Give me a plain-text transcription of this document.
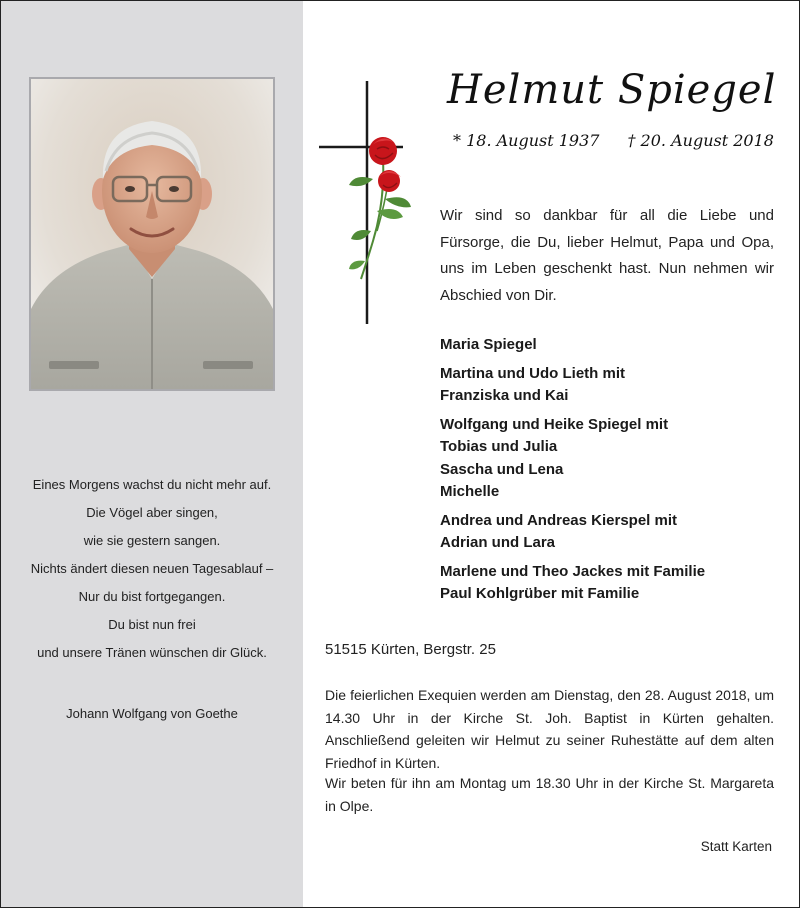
Eines Morgens wachst du nicht mehr auf.
Die Vögel aber singen,
wie sie gestern sangen.
Nichts ändert diesen neuen Tagesablauf –
Nur du bist fortgegangen.
Du bist nun frei
und unsere Tränen wünschen dir Glück.
Johann Wolfgang von Goethe
Helmut Spiegel
* 18. August 1937 † 20. August 2018
Wir sind so dankbar für all die Liebe und Fürsorge, die Du, lieber Helmut, Papa und Opa, uns im Leben geschenkt hast. Nun nehmen wir Abschied von Dir.
Maria Spiegel
Martina und Udo Lieth mit
Franziska und Kai
Wolfgang und Heike Spiegel mit
Tobias und Julia
Sascha und Lena
Michelle
Andrea und Andreas Kierspel mit
Adrian und Lara
Marlene und Theo Jackes mit Familie
Paul Kohlgrüber mit Familie
51515 Kürten, Bergstr. 25
Die feierlichen Exequien werden am Dienstag, den 28. August 2018, um 14.30 Uhr in der Kirche St. Joh. Baptist in Kürten gehalten. Anschließend geleiten wir Helmut zu seiner Ruhestätte auf dem alten Friedhof in Kürten.
Wir beten für ihn am Montag um 18.30 Uhr in der Kirche St. Margareta in Olpe.
Statt Karten
